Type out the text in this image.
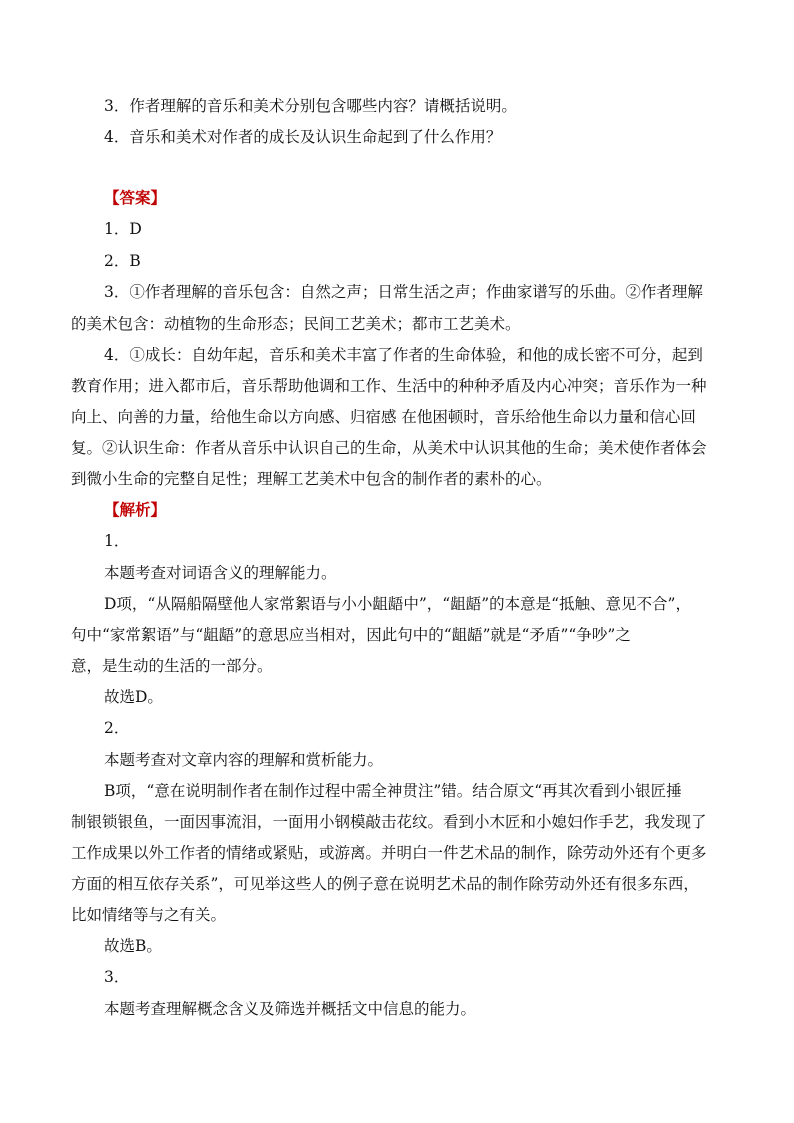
3．作者理解的音乐和美术分别包含哪些内容？请概括说明。
4．音乐和美术对作者的成长及认识生命起到了什么作用？
【答案】
1．D
2．B
3．①作者理解的音乐包含：自然之声；日常生活之声；作曲家谱写的乐曲。②作者理解
的美术包含：动植物的生命形态；民间工艺美术；都市工艺美术。
4．①成长：自幼年起，音乐和美术丰富了作者的生命体验，和他的成长密不可分，起到
教育作用；进入都市后，音乐帮助他调和工作、生活中的种种矛盾及内心冲突；音乐作为一种
向上、向善的力量，给他生命以方向感、归宿感 在他困顿时，音乐给他生命以力量和信心回
复。②认识生命：作者从音乐中认识自己的生命，从美术中认识其他的生命；美术使作者体会
到微小生命的完整自足性；理解工艺美术中包含的制作者的素朴的心。
【解析】
1．
本题考查对词语含义的理解能力。
D项，“从隔船隔壁他人家常絮语与小小龃龉中”，“龃龉”的本意是“抵触、意见不合”，
句中“家常絮语”与“龃龉”的意思应当相对，因此句中的“龃龉”就是“矛盾”“争吵”之
意，是生动的生活的一部分。
故选D。
2．
本题考查对文章内容的理解和赏析能力。
B项，“意在说明制作者在制作过程中需全神贯注”错。结合原文“再其次看到小银匠捶
制银锁银鱼，一面因事流泪，一面用小钢模敲击花纹。看到小木匠和小媳妇作手艺，我发现了
工作成果以外工作者的情绪或紧贴，或游离。并明白一件艺术品的制作，除劳动外还有个更多
方面的相互依存关系”，可见举这些人的例子意在说明艺术品的制作除劳动外还有很多东西，
比如情绪等与之有关。
故选B。
3．
本题考查理解概念含义及筛选并概括文中信息的能力。
